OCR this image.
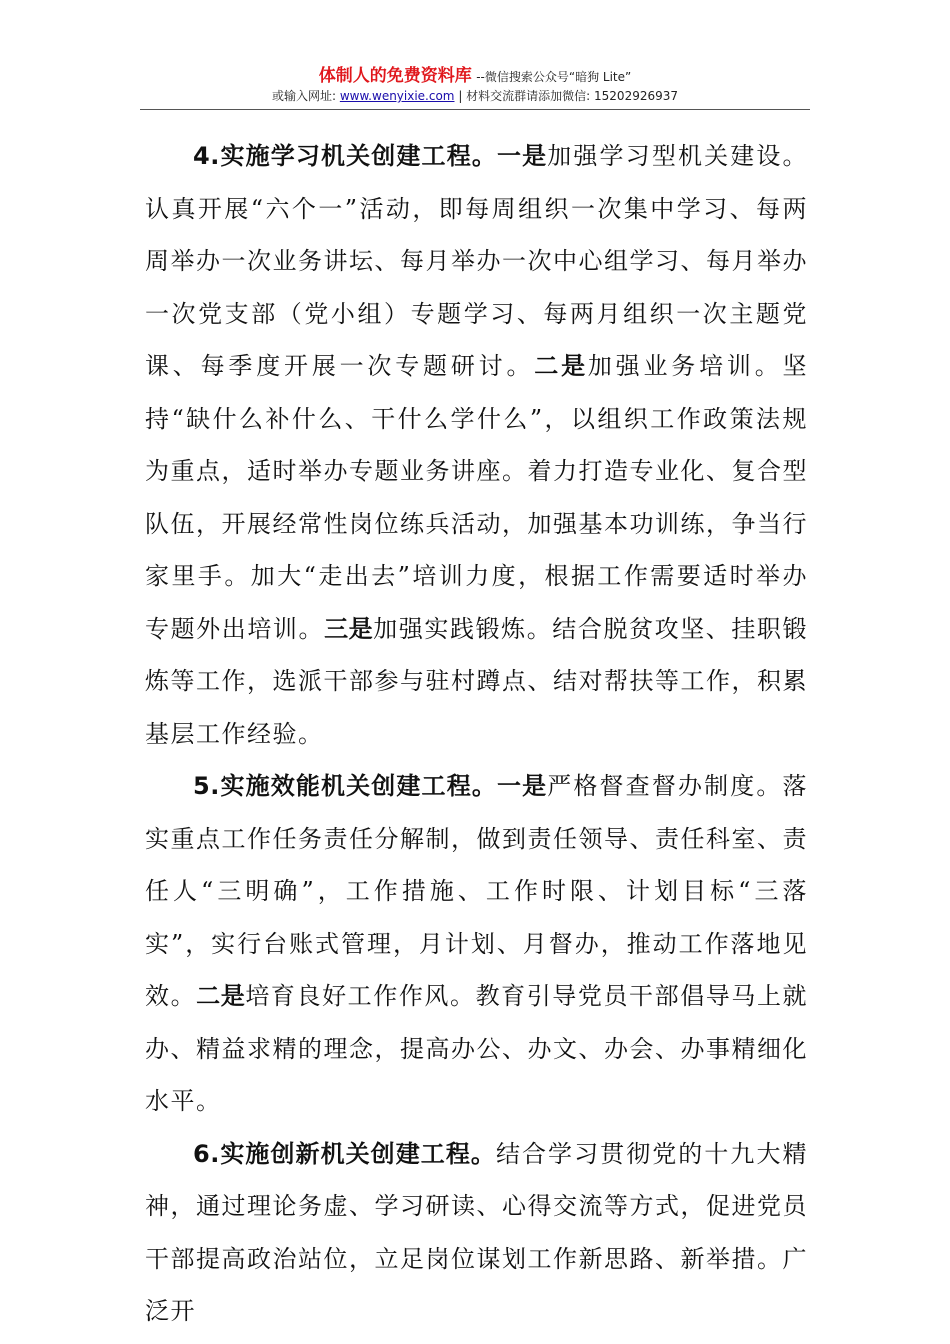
体制人的免费资料库 --微信搜索公众号“暗狗 Lite”
或输入网址: www.wenyixie.com | 材料交流群请添加微信: 15202926937

4.实施学习机关创建工程。一是加强学习型机关建设。认真开展“六个一”活动，即每周组织一次集中学习、每两周举办一次业务讲坛、每月举办一次中心组学习、每月举办一次党支部（党小组）专题学习、每两月组织一次主题党课、每季度开展一次专题研讨。二是加强业务培训。坚持“缺什么补什么、干什么学什么”，以组织工作政策法规为重点，适时举办专题业务讲座。着力打造专业化、复合型队伍，开展经常性岗位练兵活动，加强基本功训练，争当行家里手。加大“走出去”培训力度，根据工作需要适时举办专题外出培训。三是加强实践锻炼。结合脱贫攻坚、挂职锻炼等工作，选派干部参与驻村蹲点、结对帮扶等工作，积累基层工作经验。

5.实施效能机关创建工程。一是严格督查督办制度。落实重点工作任务责任分解制，做到责任领导、责任科室、责任人“三明确”，工作措施、工作时限、计划目标“三落实”，实行台账式管理，月计划、月督办，推动工作落地见效。二是培育良好工作作风。教育引导党员干部倡导马上就办、精益求精的理念，提高办公、办文、办会、办事精细化水平。

6.实施创新机关创建工程。结合学习贯彻党的十九大精神，通过理论务虚、学习研读、心得交流等方式，促进党员干部提高政治站位，立足岗位谋划工作新思路、新举措。广泛开
